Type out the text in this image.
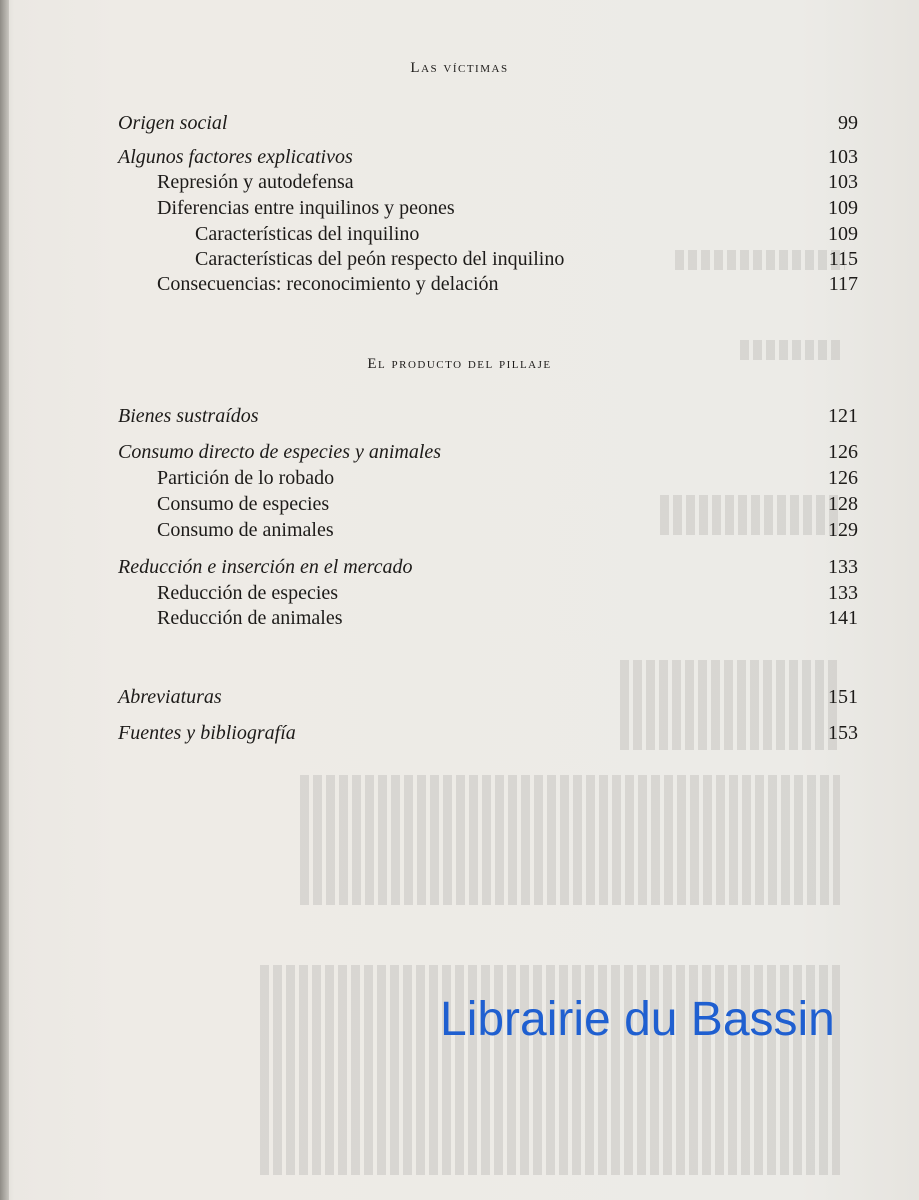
Las víctimas
Origen social	99
Algunos factores explicativos	103
Represión y autodefensa	103
Diferencias entre inquilinos y peones	109
Características del inquilino	109
Características del peón respecto del inquilino	115
Consecuencias: reconocimiento y delación	117
El producto del pillaje
Bienes sustraídos	121
Consumo directo de especies y animales	126
Partición de lo robado	126
Consumo de especies	128
Consumo de animales	129
Reducción e inserción en el mercado	133
Reducción de especies	133
Reducción de animales	141
Abreviaturas	151
Fuentes y bibliografía	153
Librairie du Bassin
